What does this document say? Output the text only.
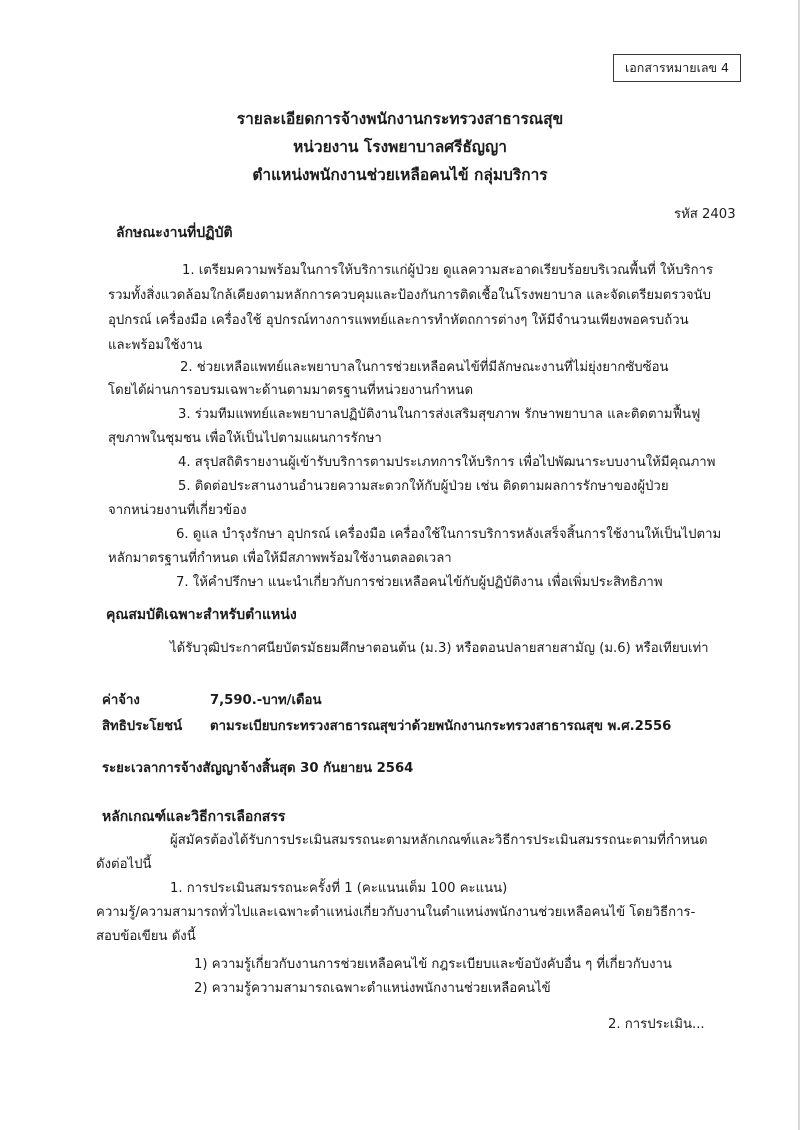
เอกสารหมายเลข 4
รายละเอียดการจ้างพนักงานกระทรวงสาธารณสุข
หน่วยงาน โรงพยาบาลศรีธัญญา
ตำแหน่งพนักงานช่วยเหลือคนไข้ กลุ่มบริการ
รหัส 2403
ลักษณะงานที่ปฏิบัติ
1. เตรียมความพร้อมในการให้บริการแก่ผู้ป่วย ดูแลความสะอาดเรียบร้อยบริเวณพื้นที่ ให้บริการ
รวมทั้งสิ่งแวดล้อมใกล้เคียงตามหลักการควบคุมและป้องกันการติดเชื้อในโรงพยาบาล และจัดเตรียมตรวจนับ
อุปกรณ์ เครื่องมือ เครื่องใช้ อุปกรณ์ทางการแพทย์และการทำหัตถการต่างๆ ให้มีจำนวนเพียงพอครบถ้วน
และพร้อมใช้งาน
2. ช่วยเหลือแพทย์และพยาบาลในการช่วยเหลือคนไข้ที่มีลักษณะงานที่ไม่ยุ่งยากซับซ้อน
โดยได้ผ่านการอบรมเฉพาะด้านตามมาตรฐานที่หน่วยงานกำหนด
3. ร่วมทีมแพทย์และพยาบาลปฏิบัติงานในการส่งเสริมสุขภาพ รักษาพยาบาล และติดตามฟื้นฟู
สุขภาพในชุมชน เพื่อให้เป็นไปตามแผนการรักษา
4. สรุปสถิติรายงานผู้เข้ารับบริการตามประเภทการให้บริการ เพื่อไปพัฒนาระบบงานให้มีคุณภาพ
5. ติดต่อประสานงานอำนวยความสะดวกให้กับผู้ป่วย เช่น ติดตามผลการรักษาของผู้ป่วย
จากหน่วยงานที่เกี่ยวข้อง
6. ดูแล บำรุงรักษา อุปกรณ์ เครื่องมือ เครื่องใช้ในการบริการหลังเสร็จสิ้นการใช้งานให้เป็นไปตาม
หลักมาตรฐานที่กำหนด เพื่อให้มีสภาพพร้อมใช้งานตลอดเวลา
7. ให้คำปรึกษา แนะนำเกี่ยวกับการช่วยเหลือคนไข้กับผู้ปฏิบัติงาน เพื่อเพิ่มประสิทธิภาพ
คุณสมบัติเฉพาะสำหรับตำแหน่ง
ได้รับวุฒิประกาศนียบัตรมัธยมศึกษาตอนต้น (ม.3) หรือตอนปลายสายสามัญ (ม.6) หรือเทียบเท่า
ค่าจ้าง	7,590.-บาท/เดือน
สิทธิประโยชน์ ตามระเบียบกระทรวงสาธารณสุขว่าด้วยพนักงานกระทรวงสาธารณสุข พ.ศ.2556
ระยะเวลาการจ้างสัญญาจ้างสิ้นสุด 30 กันยายน 2564
หลักเกณฑ์และวิธีการเลือกสรร
ผู้สมัครต้องได้รับการประเมินสมรรถนะตามหลักเกณฑ์และวิธีการประเมินสมรรถนะตามที่กำหนด
ดังต่อไปนี้
1. การประเมินสมรรถนะครั้งที่ 1 (คะแนนเต็ม 100 คะแนน)
ความรู้/ความสามารถทั่วไปและเฉพาะตำแหน่งเกี่ยวกับงานในตำแหน่งพนักงานช่วยเหลือคนไข้ โดยวิธีการ-
สอบข้อเขียน ดังนี้
1) ความรู้เกี่ยวกับงานการช่วยเหลือคนไข้ กฎระเบียบและข้อบังคับอื่น ๆ ที่เกี่ยวกับงาน
2) ความรู้ความสามารถเฉพาะตำแหน่งพนักงานช่วยเหลือคนไข้
2. การประเมิน...
